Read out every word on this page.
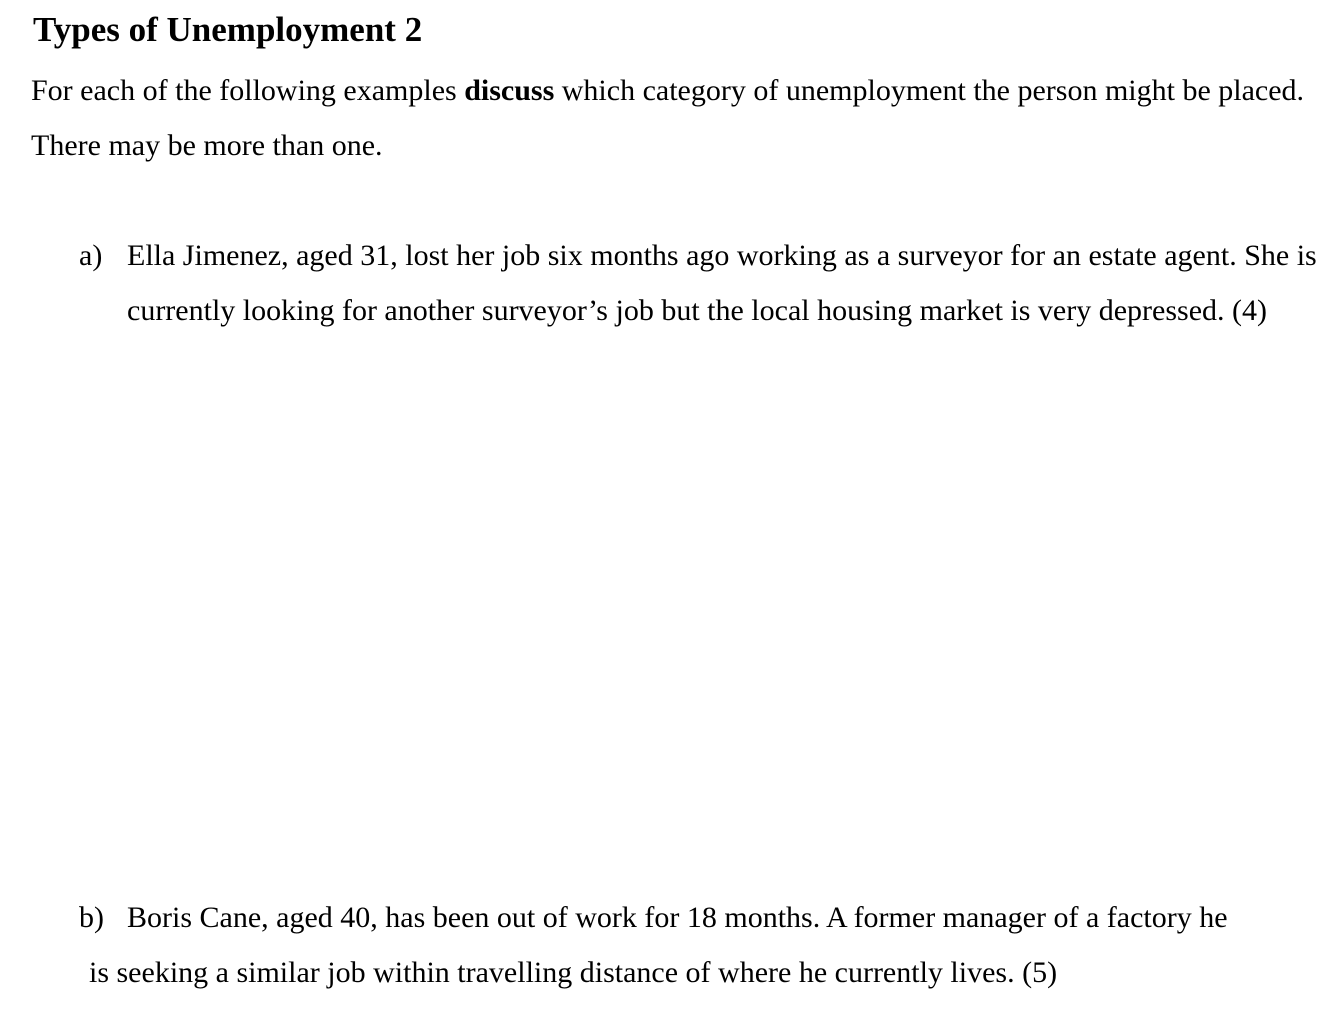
Types of Unemployment 2

For each of the following examples discuss which category of unemployment the person might be placed. There may be more than one.

a) Ella Jimenez, aged 31, lost her job six months ago working as a surveyor for an estate agent. She is currently looking for another surveyor’s job but the local housing market is very depressed. (4)

b) Boris Cane, aged 40, has been out of work for 18 months. A former manager of a factory he
is seeking a similar job within travelling distance of where he currently lives. (5)
